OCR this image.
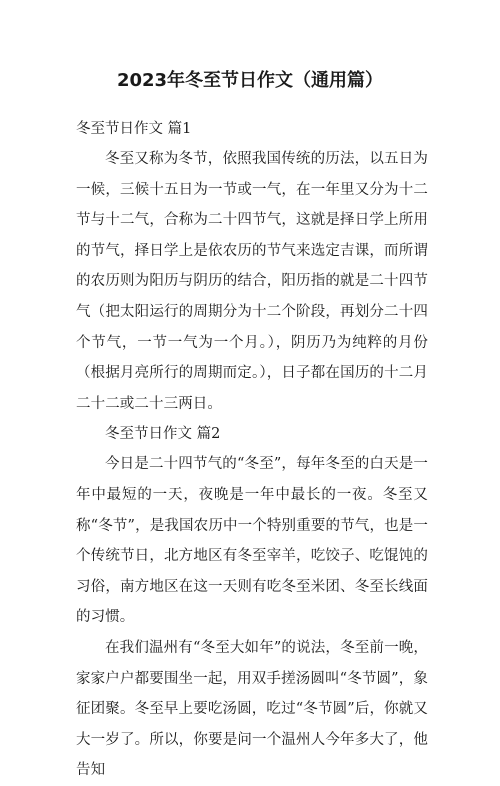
2023年冬至节日作文（通用篇）

冬至节日作文 篇1

冬至又称为冬节，依照我国传统的历法，以五日为一候，三候十五日为一节或一气，在一年里又分为十二节与十二气，合称为二十四节气，这就是择日学上所用的节气，择日学上是依农历的节气来选定吉课，而所谓的农历则为阳历与阴历的结合，阳历指的就是二十四节气（把太阳运行的周期分为十二个阶段，再划分二十四个节气，一节一气为一个月。），阴历乃为纯粹的月份（根据月亮所行的周期而定。），日子都在国历的十二月二十二或二十三两日。

冬至节日作文 篇2

今日是二十四节气的“冬至”，每年冬至的白天是一年中最短的一天，夜晚是一年中最长的一夜。冬至又称“冬节”，是我国农历中一个特别重要的节气，也是一个传统节日，北方地区有冬至宰羊，吃饺子、吃馄饨的习俗，南方地区在这一天则有吃冬至米团、冬至长线面的习惯。

在我们温州有“冬至大如年”的说法，冬至前一晚，家家户户都要围坐一起，用双手搓汤圆叫“冬节圆”，象征团聚。冬至早上要吃汤圆，吃过“冬节圆”后，你就又大一岁了。所以，你要是问一个温州人今年多大了，他告知
